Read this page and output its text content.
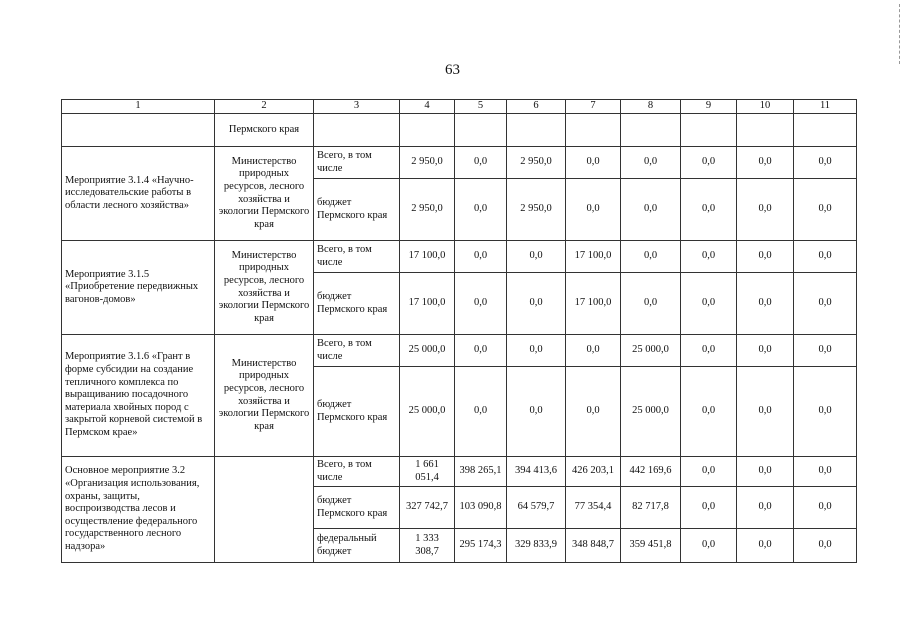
63
1	2	3	4	5	6	7	8	9	10	11
	Пермского края									
Мероприятие 3.1.4 «Научно-исследовательские работы в области лесного хозяйства»	Министерство природных ресурсов, лесного хозяйства и экологии Пермского края	Всего, в том числе	2 950,0	0,0	2 950,0	0,0	0,0	0,0	0,0	0,0
		бюджет Пермского края	2 950,0	0,0	2 950,0	0,0	0,0	0,0	0,0	0,0
Мероприятие 3.1.5 «Приобретение передвижных вагонов-домов»	Министерство природных ресурсов, лесного хозяйства и экологии Пермского края	Всего, в том числе	17 100,0	0,0	0,0	17 100,0	0,0	0,0	0,0	0,0
		бюджет Пермского края	17 100,0	0,0	0,0	17 100,0	0,0	0,0	0,0	0,0
Мероприятие 3.1.6 «Грант в форме субсидии на создание тепличного комплекса по выращиванию посадочного материала хвойных пород с закрытой корневой системой в Пермском крае»	Министерство природных ресурсов, лесного хозяйства и экологии Пермского края	Всего, в том числе	25 000,0	0,0	0,0	0,0	25 000,0	0,0	0,0	0,0
		бюджет Пермского края	25 000,0	0,0	0,0	0,0	25 000,0	0,0	0,0	0,0
Основное мероприятие 3.2 «Организация использования, охраны, защиты, воспроизводства лесов и осуществление федерального государственного лесного надзора»		Всего, в том числе	1 661 051,4	398 265,1	394 413,6	426 203,1	442 169,6	0,0	0,0	0,0
		бюджет Пермского края	327 742,7	103 090,8	64 579,7	77 354,4	82 717,8	0,0	0,0	0,0
		федеральный бюджет	1 333 308,7	295 174,3	329 833,9	348 848,7	359 451,8	0,0	0,0	0,0
